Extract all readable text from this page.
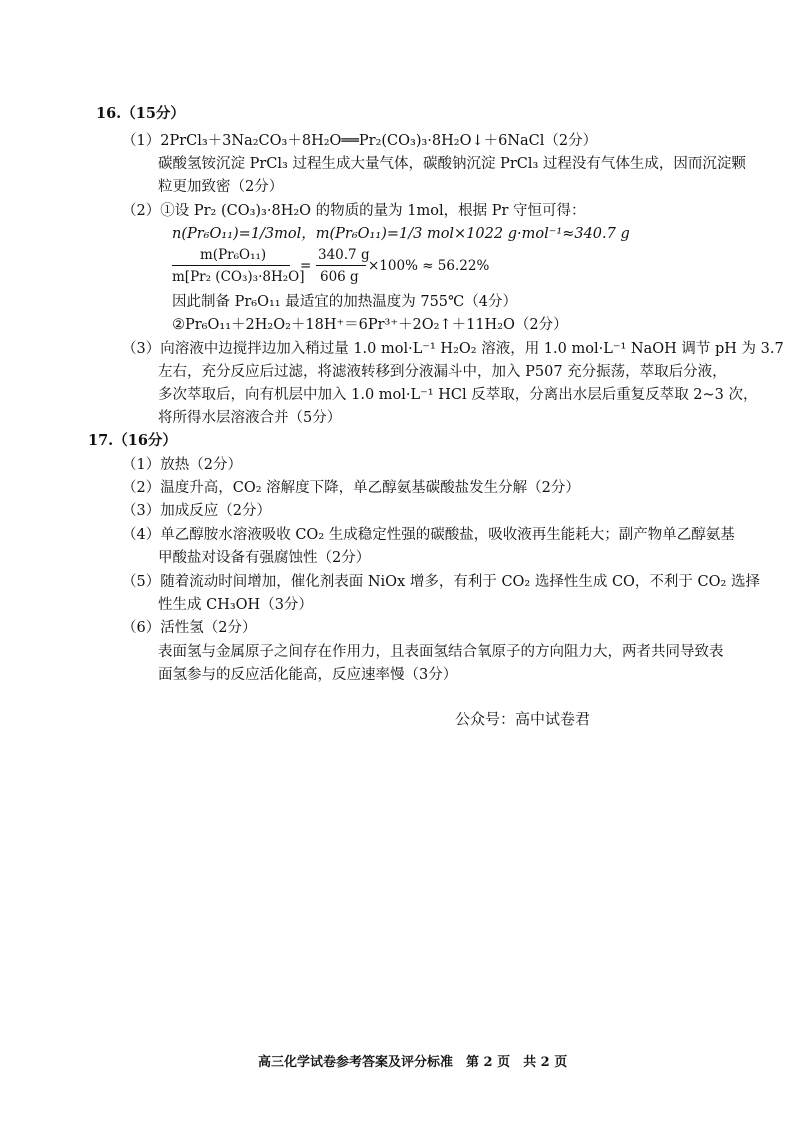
16.（15分）
（1）2PrCl₃＋3Na₂CO₃＋8H₂O══Pr₂(CO₃)₃·8H₂O↓＋6NaCl（2分）
碳酸氢铵沉淀 PrCl₃ 过程生成大量气体，碳酸钠沉淀 PrCl₃ 过程没有气体生成，因而沉淀颗
粒更加致密（2分）
（2）①设 Pr₂ (CO₃)₃·8H₂O 的物质的量为 1mol，根据 Pr 守恒可得：
n(Pr₆O₁₁)=1/3mol，m(Pr₆O₁₁)=1/3 mol×1022 g·mol⁻¹≈340.7 g
m(Pr₆O₁₁)
m[Pr₂ (CO₃)₃·8H₂O]
=
340.7 g
606 g
×100% ≈ 56.22%
因此制备 Pr₆O₁₁ 最适宜的加热温度为 755℃（4分）
②Pr₆O₁₁＋2H₂O₂＋18H⁺＝6Pr³⁺＋2O₂↑＋11H₂O（2分）
（3）向溶液中边搅拌边加入稍过量 1.0 mol·L⁻¹ H₂O₂ 溶液，用 1.0 mol·L⁻¹ NaOH 调节 pH 为 3.7
左右，充分反应后过滤，将滤液转移到分液漏斗中，加入 P507 充分振荡，萃取后分液，
多次萃取后，向有机层中加入 1.0 mol·L⁻¹ HCl 反萃取，分离出水层后重复反萃取 2~3 次，
将所得水层溶液合并（5分）
17.（16分）
（1）放热（2分）
（2）温度升高，CO₂ 溶解度下降，单乙醇氨基碳酸盐发生分解（2分）
（3）加成反应（2分）
（4）单乙醇胺水溶液吸收 CO₂ 生成稳定性强的碳酸盐，吸收液再生能耗大；副产物单乙醇氨基
甲酸盐对设备有强腐蚀性（2分）
（5）随着流动时间增加，催化剂表面 NiOx 增多，有利于 CO₂ 选择性生成 CO，不利于 CO₂ 选择
性生成 CH₃OH（3分）
（6）活性氢（2分）
表面氢与金属原子之间存在作用力，且表面氢结合氧原子的方向阻力大，两者共同导致表
面氢参与的反应活化能高，反应速率慢（3分）
公众号：高中试卷君
高三化学试卷参考答案及评分标准　第 2 页　共 2 页
